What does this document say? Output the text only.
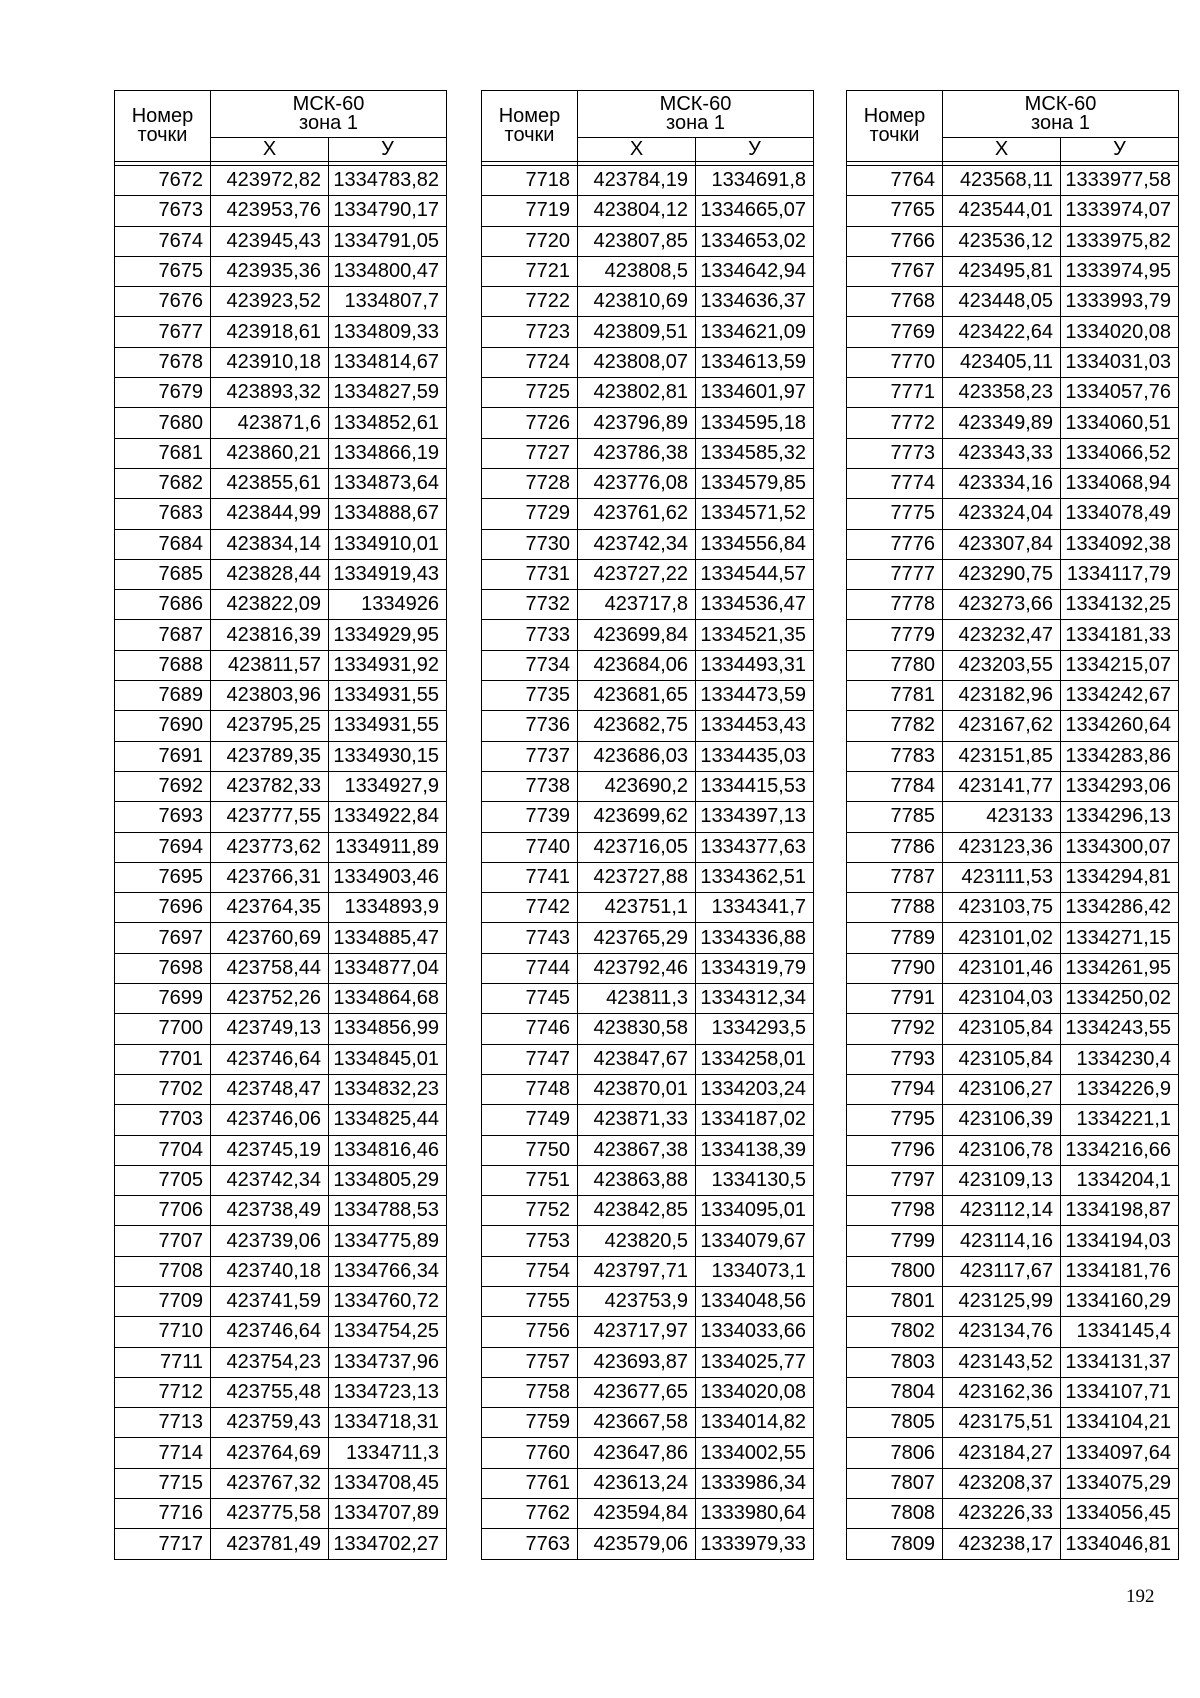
Номер
точки	МСК-60
зона 1	

	Х	У

7672	423972,82	1334783,82
7673	423953,76	1334790,17
7674	423945,43	1334791,05
7675	423935,36	1334800,47
7676	423923,52	1334807,7
7677	423918,61	1334809,33
7678	423910,18	1334814,67
7679	423893,32	1334827,59
7680	423871,6	1334852,61
7681	423860,21	1334866,19
7682	423855,61	1334873,64
7683	423844,99	1334888,67
7684	423834,14	1334910,01
7685	423828,44	1334919,43
7686	423822,09	1334926
7687	423816,39	1334929,95
7688	423811,57	1334931,92
7689	423803,96	1334931,55
7690	423795,25	1334931,55
7691	423789,35	1334930,15
7692	423782,33	1334927,9
7693	423777,55	1334922,84
7694	423773,62	1334911,89
7695	423766,31	1334903,46
7696	423764,35	1334893,9
7697	423760,69	1334885,47
7698	423758,44	1334877,04
7699	423752,26	1334864,68
7700	423749,13	1334856,99
7701	423746,64	1334845,01
7702	423748,47	1334832,23
7703	423746,06	1334825,44
7704	423745,19	1334816,46
7705	423742,34	1334805,29
7706	423738,49	1334788,53
7707	423739,06	1334775,89
7708	423740,18	1334766,34
7709	423741,59	1334760,72
7710	423746,64	1334754,25
7711	423754,23	1334737,96
7712	423755,48	1334723,13
7713	423759,43	1334718,31
7714	423764,69	1334711,3
7715	423767,32	1334708,45
7716	423775,58	1334707,89
7717	423781,49	1334702,27
Номер
точки	МСК-60
зона 1	

	Х	У

7718	423784,19	1334691,8
7719	423804,12	1334665,07
7720	423807,85	1334653,02
7721	423808,5	1334642,94
7722	423810,69	1334636,37
7723	423809,51	1334621,09
7724	423808,07	1334613,59
7725	423802,81	1334601,97
7726	423796,89	1334595,18
7727	423786,38	1334585,32
7728	423776,08	1334579,85
7729	423761,62	1334571,52
7730	423742,34	1334556,84
7731	423727,22	1334544,57
7732	423717,8	1334536,47
7733	423699,84	1334521,35
7734	423684,06	1334493,31
7735	423681,65	1334473,59
7736	423682,75	1334453,43
7737	423686,03	1334435,03
7738	423690,2	1334415,53
7739	423699,62	1334397,13
7740	423716,05	1334377,63
7741	423727,88	1334362,51
7742	423751,1	1334341,7
7743	423765,29	1334336,88
7744	423792,46	1334319,79
7745	423811,3	1334312,34
7746	423830,58	1334293,5
7747	423847,67	1334258,01
7748	423870,01	1334203,24
7749	423871,33	1334187,02
7750	423867,38	1334138,39
7751	423863,88	1334130,5
7752	423842,85	1334095,01
7753	423820,5	1334079,67
7754	423797,71	1334073,1
7755	423753,9	1334048,56
7756	423717,97	1334033,66
7757	423693,87	1334025,77
7758	423677,65	1334020,08
7759	423667,58	1334014,82
7760	423647,86	1334002,55
7761	423613,24	1333986,34
7762	423594,84	1333980,64
7763	423579,06	1333979,33
Номер
точки	МСК-60
зона 1	

	Х	У

7764	423568,11	1333977,58
7765	423544,01	1333974,07
7766	423536,12	1333975,82
7767	423495,81	1333974,95
7768	423448,05	1333993,79
7769	423422,64	1334020,08
7770	423405,11	1334031,03
7771	423358,23	1334057,76
7772	423349,89	1334060,51
7773	423343,33	1334066,52
7774	423334,16	1334068,94
7775	423324,04	1334078,49
7776	423307,84	1334092,38
7777	423290,75	1334117,79
7778	423273,66	1334132,25
7779	423232,47	1334181,33
7780	423203,55	1334215,07
7781	423182,96	1334242,67
7782	423167,62	1334260,64
7783	423151,85	1334283,86
7784	423141,77	1334293,06
7785	423133	1334296,13
7786	423123,36	1334300,07
7787	423111,53	1334294,81
7788	423103,75	1334286,42
7789	423101,02	1334271,15
7790	423101,46	1334261,95
7791	423104,03	1334250,02
7792	423105,84	1334243,55
7793	423105,84	1334230,4
7794	423106,27	1334226,9
7795	423106,39	1334221,1
7796	423106,78	1334216,66
7797	423109,13	1334204,1
7798	423112,14	1334198,87
7799	423114,16	1334194,03
7800	423117,67	1334181,76
7801	423125,99	1334160,29
7802	423134,76	1334145,4
7803	423143,52	1334131,37
7804	423162,36	1334107,71
7805	423175,51	1334104,21
7806	423184,27	1334097,64
7807	423208,37	1334075,29
7808	423226,33	1334056,45
7809	423238,17	1334046,81
192
